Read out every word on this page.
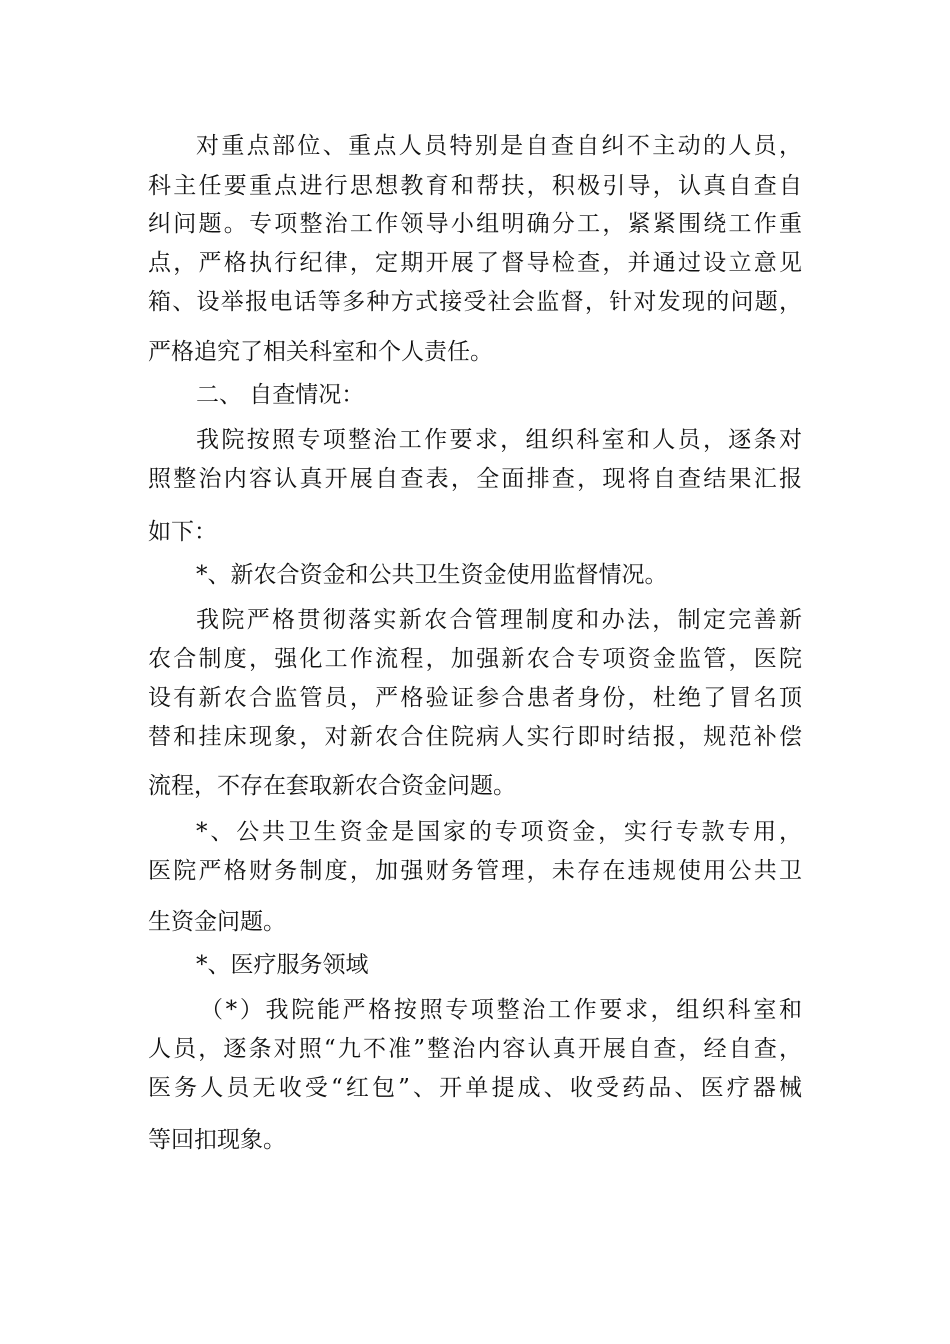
对重点部位、重点人员特别是自查自纠不主动的人员，
科主任要重点进行思想教育和帮扶，积极引导，认真自查自
纠问题。专项整治工作领导小组明确分工，紧紧围绕工作重
点，严格执行纪律，定期开展了督导检查，并通过设立意见
箱、设举报电话等多种方式接受社会监督，针对发现的问题，
严格追究了相关科室和个人责任。
二、 自查情况：
我院按照专项整治工作要求，组织科室和人员，逐条对
照整治内容认真开展自查表，全面排查，现将自查结果汇报
如下：
*、新农合资金和公共卫生资金使用监督情况。
我院严格贯彻落实新农合管理制度和办法，制定完善新
农合制度，强化工作流程，加强新农合专项资金监管，医院
设有新农合监管员，严格验证参合患者身份，杜绝了冒名顶
替和挂床现象，对新农合住院病人实行即时结报，规范补偿
流程，不存在套取新农合资金问题。
*、公共卫生资金是国家的专项资金，实行专款专用，
医院严格财务制度，加强财务管理，未存在违规使用公共卫
生资金问题。
*、医疗服务领域
（*）我院能严格按照专项整治工作要求，组织科室和
人员，逐条对照“九不准”整治内容认真开展自查，经自查，
医务人员无收受“红包”、开单提成、收受药品、医疗器械
等回扣现象。
